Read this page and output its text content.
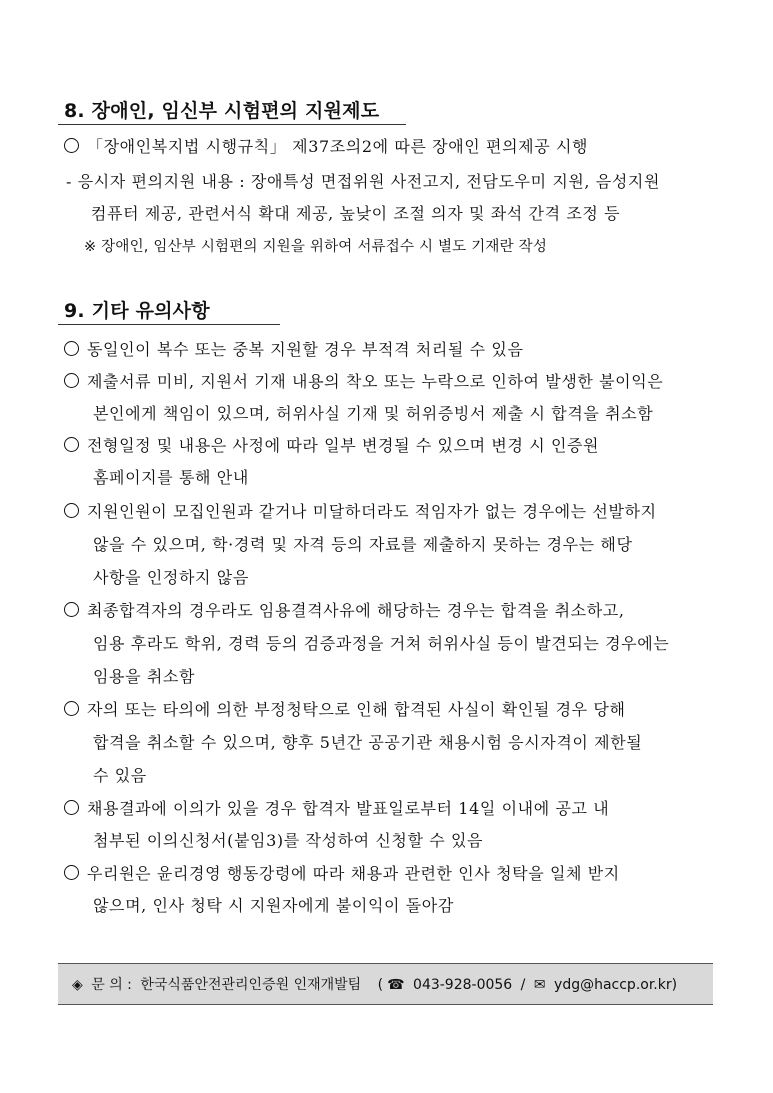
8. 장애인, 임신부 시험편의 지원제도
「장애인복지법 시행규칙」 제37조의2에 따른 장애인 편의제공 시행
- 응시자 편의지원 내용 : 장애특성 면접위원 사전고지, 전담도우미 지원, 음성지원
컴퓨터 제공, 관련서식 확대 제공, 높낮이 조절 의자 및 좌석 간격 조정 등
※ 장애인, 임산부 시험편의 지원을 위하여 서류접수 시 별도 기재란 작성
9. 기타 유의사항
동일인이 복수 또는 중복 지원할 경우 부적격 처리될 수 있음
제출서류 미비, 지원서 기재 내용의 착오 또는 누락으로 인하여 발생한 불이익은
본인에게 책임이 있으며, 허위사실 기재 및 허위증빙서 제출 시 합격을 취소함
전형일정 및 내용은 사정에 따라 일부 변경될 수 있으며 변경 시 인증원
홈페이지를 통해 안내
지원인원이 모집인원과 같거나 미달하더라도 적임자가 없는 경우에는 선발하지
않을 수 있으며, 학·경력 및 자격 등의 자료를 제출하지 못하는 경우는 해당
사항을 인정하지 않음
최종합격자의 경우라도 임용결격사유에 해당하는 경우는 합격을 취소하고,
임용 후라도 학위, 경력 등의 검증과정을 거쳐 허위사실 등이 발견되는 경우에는
임용을 취소함
자의 또는 타의에 의한 부정청탁으로 인해 합격된 사실이 확인될 경우 당해
합격을 취소할 수 있으며, 향후 5년간 공공기관 채용시험 응시자격이 제한될
수 있음
채용결과에 이의가 있을 경우 합격자 발표일로부터 14일 이내에 공고 내
첨부된 이의신청서(붙임3)를 작성하여 신청할 수 있음
우리원은 윤리경영 행동강령에 따라 채용과 관련한 인사 청탁을 일체 받지
않으며, 인사 청탁 시 지원자에게 불이익이 돌아감
◈ 문 의 : 한국식품안전관리인증원 인재개발팀 ( ☎ 043-928-0056 / ✉ ydg@haccp.or.kr)
